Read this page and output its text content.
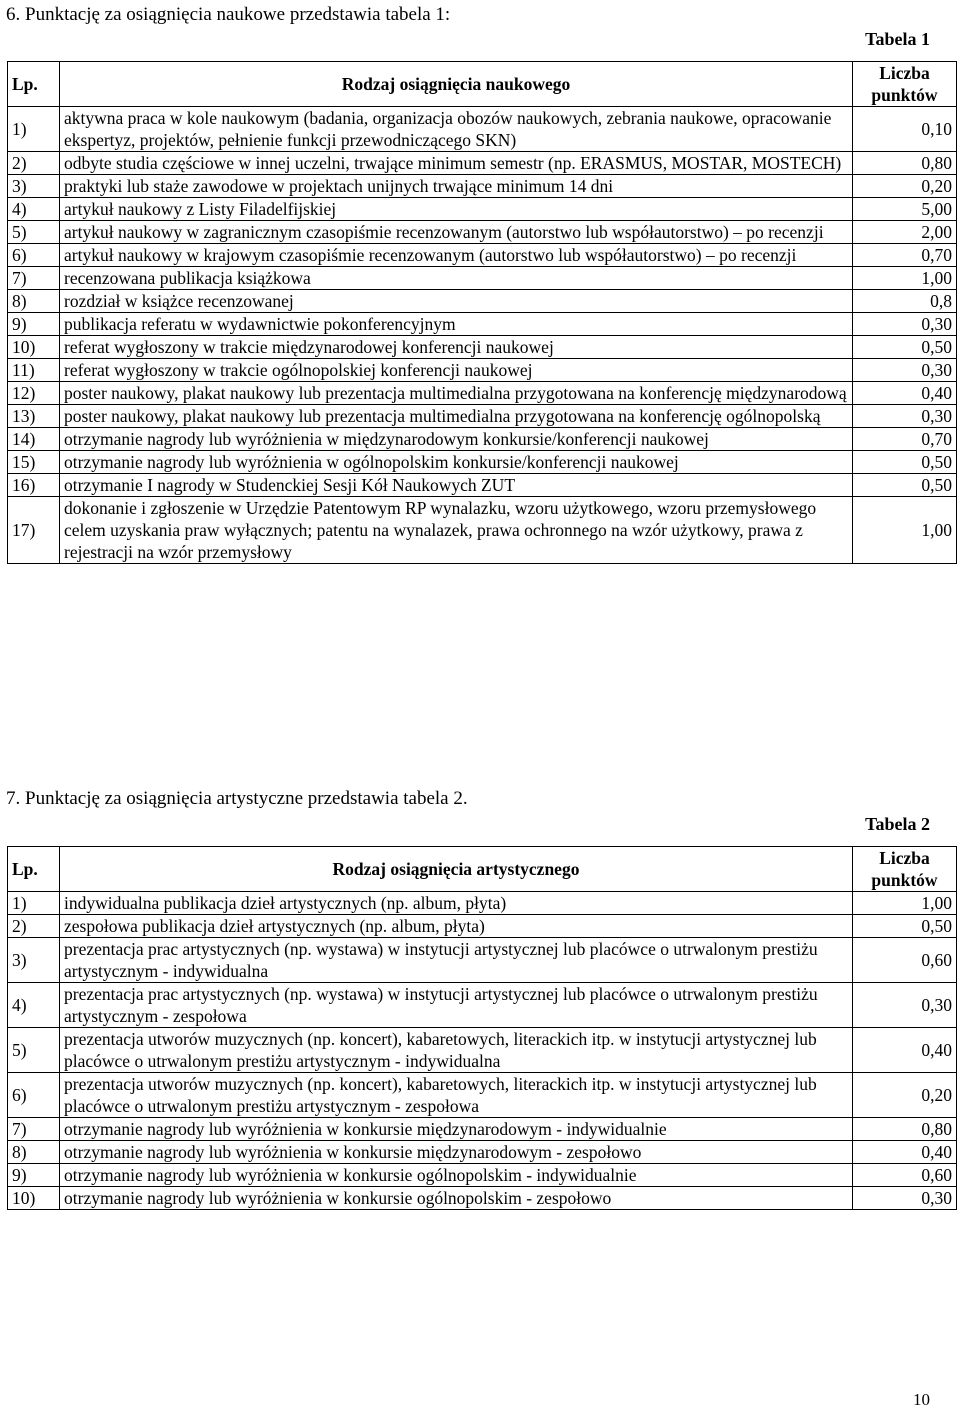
6. Punktację za osiągnięcia naukowe przedstawia tabela 1:
Tabela 1
Lp.	Rodzaj osiągnięcia naukowego	Liczba punktów
1)	aktywna praca w kole naukowym (badania, organizacja obozów naukowych, zebrania naukowe, opracowanie ekspertyz, projektów, pełnienie funkcji przewodniczącego SKN)	0,10
2)	odbyte studia częściowe w innej uczelni, trwające minimum semestr (np. ERASMUS, MOSTAR, MOSTECH)	0,80
3)	praktyki lub staże zawodowe w projektach unijnych trwające minimum 14 dni	0,20
4)	artykuł naukowy z Listy Filadelfijskiej	5,00
5)	artykuł naukowy w zagranicznym czasopiśmie recenzowanym (autorstwo lub współautorstwo) – po recenzji	2,00
6)	artykuł naukowy w krajowym czasopiśmie recenzowanym (autorstwo lub współautorstwo) – po recenzji	0,70
7)	recenzowana publikacja książkowa	1,00
8)	rozdział w książce recenzowanej	0,8
9)	publikacja referatu w wydawnictwie pokonferencyjnym	0,30
10)	referat wygłoszony w trakcie międzynarodowej konferencji naukowej	0,50
11)	referat wygłoszony w trakcie ogólnopolskiej konferencji naukowej	0,30
12)	poster naukowy, plakat naukowy lub prezentacja multimedialna przygotowana na konferencję międzynarodową	0,40
13)	poster naukowy, plakat naukowy lub prezentacja multimedialna przygotowana na konferencję ogólnopolską	0,30
14)	otrzymanie nagrody lub wyróżnienia w międzynarodowym konkursie/konferencji naukowej	0,70
15)	otrzymanie nagrody lub wyróżnienia w ogólnopolskim konkursie/konferencji naukowej	0,50
16)	otrzymanie I nagrody w Studenckiej Sesji Kół Naukowych ZUT	0,50
17)	dokonanie i zgłoszenie w Urzędzie Patentowym RP wynalazku, wzoru użytkowego, wzoru przemysłowego celem uzyskania praw wyłącznych; patentu na wynalazek, prawa ochronnego na wzór użytkowy, prawa z rejestracji na wzór przemysłowy	1,00
7. Punktację za osiągnięcia artystyczne przedstawia tabela 2.
Tabela 2
Lp.	Rodzaj osiągnięcia artystycznego	Liczba punktów
1)	indywidualna publikacja dzieł artystycznych (np. album, płyta)	1,00
2)	zespołowa publikacja dzieł artystycznych (np. album, płyta)	0,50
3)	prezentacja prac artystycznych (np. wystawa) w instytucji artystycznej lub placówce o utrwalonym prestiżu artystycznym - indywidualna	0,60
4)	prezentacja prac artystycznych (np. wystawa) w instytucji artystycznej lub placówce o utrwalonym prestiżu artystycznym - zespołowa	0,30
5)	prezentacja utworów muzycznych (np. koncert), kabaretowych, literackich itp. w instytucji artystycznej lub placówce o utrwalonym prestiżu artystycznym - indywidualna	0,40
6)	prezentacja utworów muzycznych (np. koncert), kabaretowych, literackich itp. w instytucji artystycznej lub placówce o utrwalonym prestiżu artystycznym - zespołowa	0,20
7)	otrzymanie nagrody lub wyróżnienia w konkursie międzynarodowym - indywidualnie	0,80
8)	otrzymanie nagrody lub wyróżnienia w konkursie międzynarodowym - zespołowo	0,40
9)	otrzymanie nagrody lub wyróżnienia w konkursie ogólnopolskim - indywidualnie	0,60
10)	otrzymanie nagrody lub wyróżnienia w konkursie ogólnopolskim - zespołowo	0,30
10
